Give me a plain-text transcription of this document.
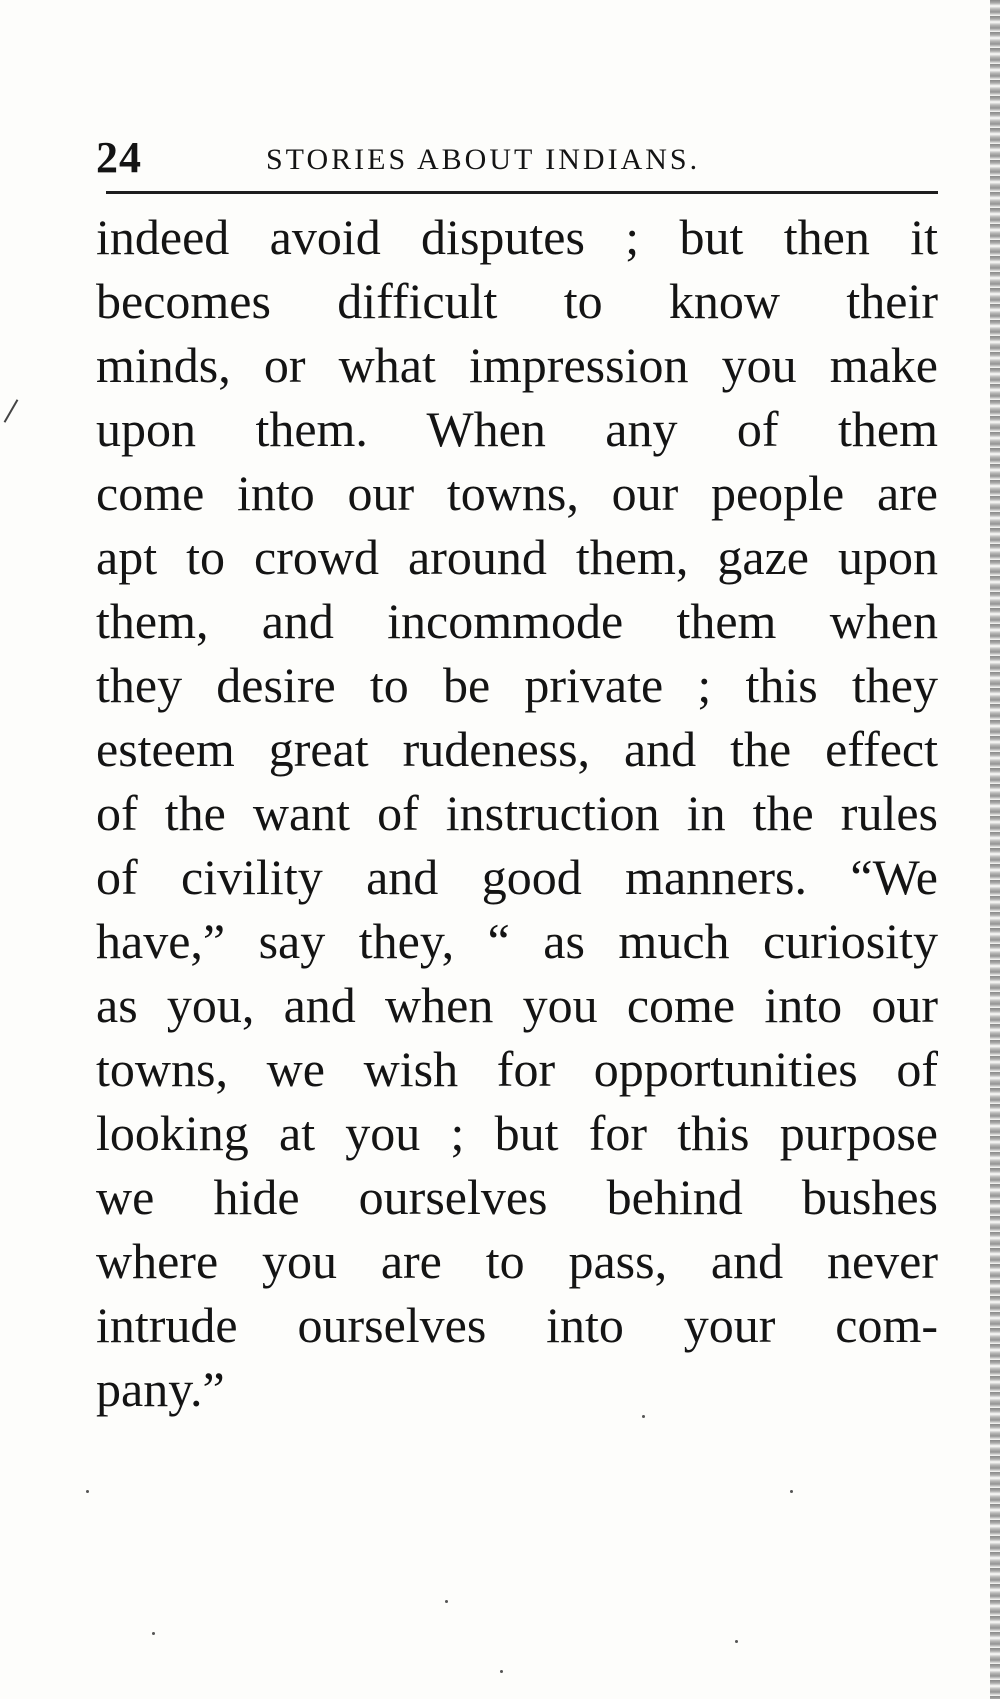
24	STORIES ABOUT INDIANS.
indeed avoid disputes ; but then it
becomes difficult to know their
minds, or what impression you make
upon them. When any of them
come into our towns, our people are
apt to crowd around them, gaze upon
them, and incommode them when
they desire to be private ; this they
esteem great rudeness, and the effect
of the want of instruction in the rules
of civility and good manners. “We
have,” say they, “ as much curiosity
as you, and when you come into our
towns, we wish for opportunities of
looking at you ; but for this purpose
we hide ourselves behind bushes
where you are to pass, and never
intrude ourselves into your com-
pany.”
